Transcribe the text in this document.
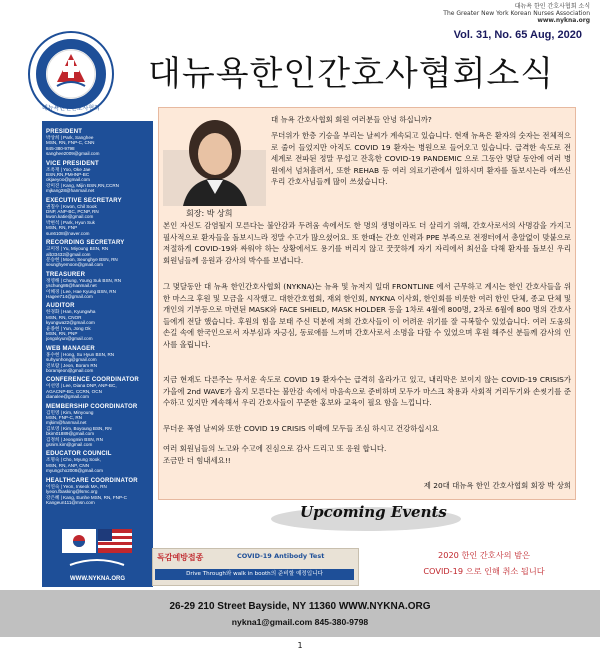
대뉴욕 한인 간호사협회 소식
The Greater New York Korean Nurses Association
www.nykna.org
Vol. 31, No. 65 Aug, 2020
대뉴욕한인간호사협회소식
대뉴욕한인간호사협회
PRESIDENT
박상희 | Park, Sanghee
MSN, RN, FNP-C, CNN
845-380-9798
sanghee2009@gmail.com
VICE PRESIDENT
조옥재 | Yoo, Oke Jae
BSN,RN,PMHNP-BC
okjaeyoo@gmail.com
강미진 | Kang, Mijin BSN,RN,CCRN
mjkang28@hanmail.net
EXECUTIVE SECRETARY
권칠수 | Kwon, Chil Sook
DNP, ANP-BC, PCNP, RN
kwon.katie@gmail.com
박현석 | Park, Hyun Suk
MSN, RN, FNP
sun6108@naver.com
RECORDING SECRETARY
고미정 | Yu, Miyoung BSN, RN
alb33432@gmail.com
문승현 | Moon, Seunghye BSN, RN
seunghyemoon@gmail.com
TREASURER
정영해 | Chung, Young Suk BSN, RN
yschung86@hanmail.net
이혜경 | Lee, Hae Kyung BSN, RN
Hagee714@gmail.com
AUDITOR
한경화 | Han, Kyungwha
MSN, RN, CNOR
kyungwa22@gmail.com
윤종현 | Yun, Jong Ok
MSN, RN, PNP
jongokyun@gmail.com
WEB MANAGER
홍수현 | Hong, Su Hyun BSN, RN
suhyunhong@gmail.com
전보람 | Jeon, Boram RN
boramjeon@gmail.com
CONFERENCE COORDINATOR
이선영 | Lee, Diana DNP, ANP-BC,
AGACNP-BC, CCRN, OCN
dianalee@gmail.com
MEMBERSHIP COORDINATOR
김민영 | Kim, Minyoung
MSN, FNP-C, RN
mjkim@hanmail.net
김보영 | Kim, Boyoung BSN, RN
bkim01889@gmail.com
김정희 | Jeongmin BSN, RN
gsnim.kim@gmail.com
EDUCATOR COUNCIL
조명숙 | Cho, Myung Sook,
MSN, RN, ANP, CNN
myungcho2008@gmail.com
HEALTHCARE COORDINATOR
이연숙 | Yeon, Inseok MA, RN
lyeon.fbasking@lsmc.org
강은혜 | Kang, Eunhe MSN, RN, FNP-C
Kangeun111@msn.com
WWW.NYKNA.ORG
회장: 박 상희
대 뉴욕 간호사협회 회원 여러분들 안녕 하십니까?
무더위가 한층 기승을 부리는 날씨가 계속되고 있습니다. 현재 뉴욕은 환자의 숫자는 전체적으로 줄어 들었지만 아직도 COVID 19 환자는 병원으로 들어오고 있습니다. 급격한 속도로 전 세계로 전파된 정말 무섭고 잔혹한 COVID-19 PANDEMIC 으로 그동안 몇달 동안에 여러 병원에서 넘쳐흘려서, 또한 REHAB 등 여러 의료기관에서 일하시며 환자를 돌보시는라 애쓰신 우리 간호사님들께 많이 쓰셨습니다.
본인 자신도 감염될지 모른다는 불안감과 두려움 속에서도 한 명의 생명이라도 더 살리기 위해, 간호사로서의 사명감을 가지고 필사적으로 환자들을 돌보시느라 정말 수고가 많으셨어요. 또 한때는 간호 인력과 PPE 부족으로 전쟁터에서 총알없이 맞붙으로 저절하게 COVID-19와 싸워야 하는 상황에서도 용기를 버리지 않고 꿋꿋하게 자기 자리에서 최선을 다해 환자를 돌보신 우리 회원님들께 응원과 감사의 박수를 보냅니다.
그 몇달동안 대 뉴욕 한인간호사협회 (NYKNA)는 뉴욕 및 뉴저지 일대 FRONTLINE 에서 근무하고 계시는 한인 간호사들을 위한 마스크 후원 및 모금을 시작했고. 대한간호협회, 재외 한인회, NYKNA 이사회, 한인회를 비롯한 여러 한인 단체, 종교 단체 및 개인의 기부등으로 마련된 MASK와 FACE SHIELD, MASK HOLDER 등을 1차로 4월에 800명, 2차로 6월에 800 명의 간호사들에게 전달 했습니다. 후원의 힘을 보태 주신 덕분에 저희 간호사들이 이 어려운 위기를 잘 극복할수 있었습니다. 여러 도움의 손길 속에 한국인으로서 자부심과 자긍심, 동료애를 느끼며 간호사로서 소명을 다할 수 있었으며 후원 해주신 분들께 감사의 인사를 올립니다.
지금 현재도 다른주는 무서운 속도로 COVID 19 환자수는 급격히 올라가고 있고, 내리막은 보이지 않는 COVID-19 CRISIS가 가을에 2nd WAVE가 올지 모른다는 불안감 속에서 마음속으로 준비하며 모두가 마스크 착용과 사회적 거리두기와 손씻기를 준수하고 있지만 계속해서 우리 간호사들이 꾸준한 홍보와 교육이 필요 함을 느낍니다.
무더운 폭염 날씨와 또한 COVID 19 CRISIS 이때에 모두들 조심 하시고 건강하십시요
여러 회원님들의 노고와 수고에 진심으로 감사 드리고 또 응원 합니다.
조금만 더 힘내세요!!
제 20대 대뉴욕 한인 간호사협회 회장 박 상희
Upcoming Events
독감예방접종	COVID-19 Antibody Test
Drive Through와 walk in booth의 준비할 예정입니다
2020 한인 간호사의 밤은
COVID-19 으로 인해 취소 됩니다
26-29 210 Street Bayside, NY 11360 WWW.NYKNA.ORG
nykna1@gmail.com 845-380-9798
1
